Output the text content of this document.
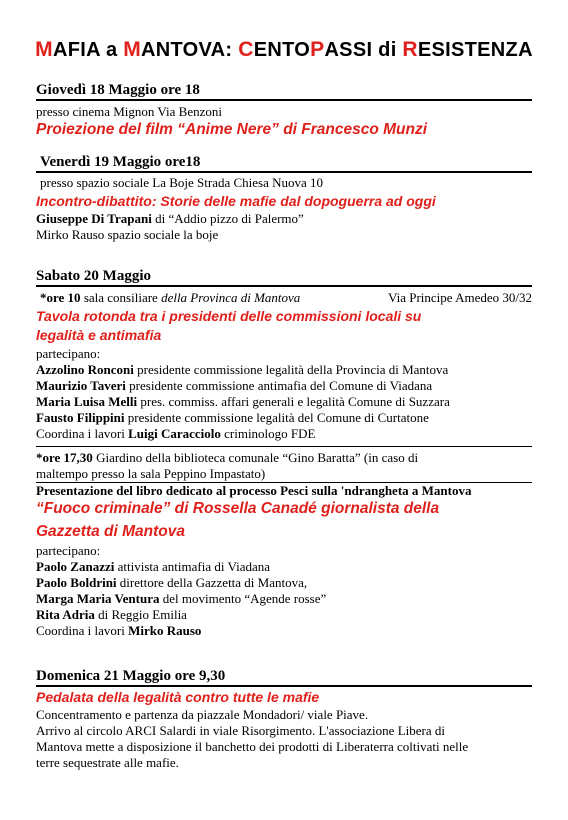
MAFIA a MANTOVA: CENTOPASSI di RESISTENZA
Giovedì 18 Maggio ore 18
presso cinema Mignon Via Benzoni
Proiezione del film “Anime Nere” di Francesco Munzi
Venerdì 19 Maggio ore18
presso spazio sociale La Boje Strada Chiesa Nuova 10
Incontro-dibattito: Storie delle mafie dal dopoguerra ad oggi
Giuseppe Di Trapani di “Addio pizzo di Palermo”
Mirko Rauso spazio sociale la boje
Sabato 20 Maggio
*ore 10 sala consiliare della Provinca di Mantova	Via Principe Amedeo 30/32
Tavola rotonda tra i presidenti delle commissioni locali su
legalità e antimafia
partecipano:
Azzolino Ronconi presidente commissione legalità della Provincia di Mantova
Maurizio Taveri presidente commissione antimafia del Comune di Viadana
Maria Luisa Melli pres. commiss. affari generali e legalità Comune di Suzzara
Fausto Filippini presidente commissione legalità del Comune di Curtatone
Coordina i lavori Luigi Caracciolo criminologo FDE
*ore 17,30 Giardino della biblioteca comunale “Gino Baratta” (in caso di
maltempo presso la sala Peppino Impastato)
Presentazione del libro dedicato al processo Pesci sulla 'ndrangheta a Mantova
“Fuoco criminale” di Rossella Canadé giornalista della
Gazzetta di Mantova
partecipano:
Paolo Zanazzi attivista antimafia di Viadana
Paolo Boldrini direttore della Gazzetta di Mantova,
Marga Maria Ventura del movimento “Agende rosse”
Rita Adria di Reggio Emilia
Coordina i lavori Mirko Rauso
Domenica 21 Maggio ore 9,30
Pedalata della legalità contro tutte le mafie
Concentramento e partenza da piazzale Mondadori/ viale Piave.
Arrivo al circolo ARCI Salardi in viale Risorgimento. L'associazione Libera di
Mantova mette a disposizione il banchetto dei prodotti di Liberaterra coltivati nelle
terre sequestrate alle mafie.
